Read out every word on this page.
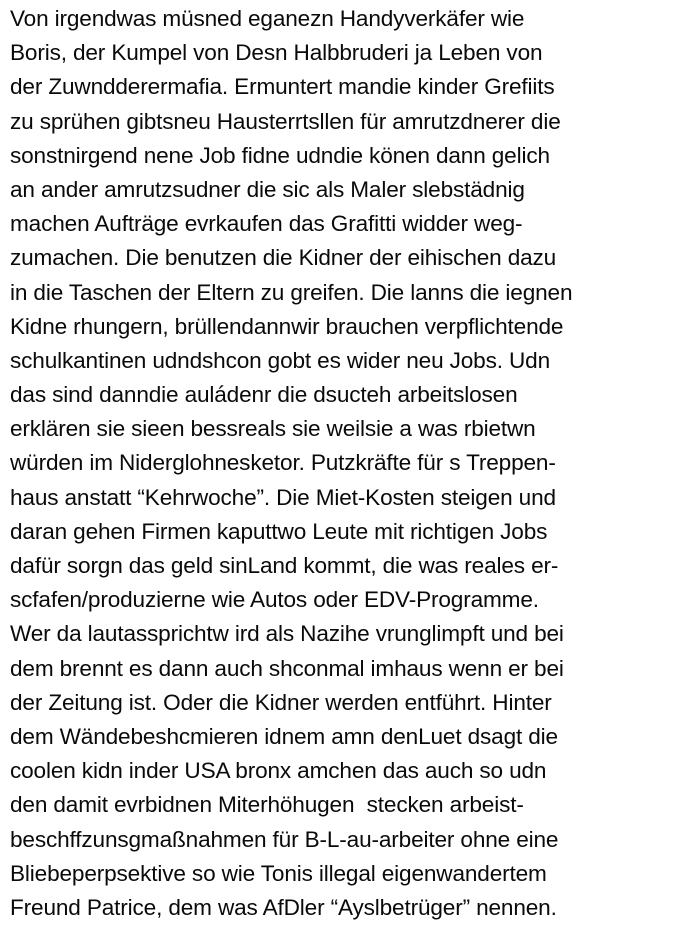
Von irgendwas müsned eganezn Handyverkäfer wie
Boris, der Kumpel von Desn Halbbruderi ja Leben von
der Zuwndderermafia. Ermuntert mandie kinder Grefiits
zu sprühen gibtsneu Hausterrtsllen für amrutzdnerer die
sonstnirgend nene Job fidne udndie könen dann gelich
an ander amrutzsudner die sic als Maler slebstädnig
machen Aufträge evrkaufen das Grafitti widder weg-
zumachen. Die benutzen die Kidner der eihischen dazu
in die Taschen der Eltern zu greifen. Die lanns die iegnen
Kidne rhungern, brüllendannwir brauchen verpflichtende
schulkantinen udndshcon gobt es wider neu Jobs. Udn
das sind danndie auládenr die dsucteh arbeitslosen
erklären sie sieen bessreals sie weilsie a was rbietwn
würden im Niderglohnesketor. Putzkräfte für s Treppen-
haus anstatt “Kehrwoche”. Die Miet-Kosten steigen und
daran gehen Firmen kaputtwo Leute mit richtigen Jobs
dafür sorgn das geld sinLand kommt, die was reales er-
scfafen/produzierne wie Autos oder EDV-Programme.
Wer da lautassprichtw ird als Nazihe vrunglimpft und bei
dem brennt es dann auch shconmal imhaus wenn er bei
der Zeitung ist. Oder die Kidner werden entführt. Hinter
dem Wändebeshcmieren idnem amn denLuet dsagt die
coolen kidn inder USA bronx amchen das auch so udn
den damit evrbidnen Miterhöhugen  stecken arbeist-
beschffzunsgmaßnahmen für B-L-au-arbeiter ohne eine
Bliebeperpsektive so wie Tonis illegal eigenwandertem
Freund Patrice, dem was AfDler “Ayslbetrüger” nennen.
